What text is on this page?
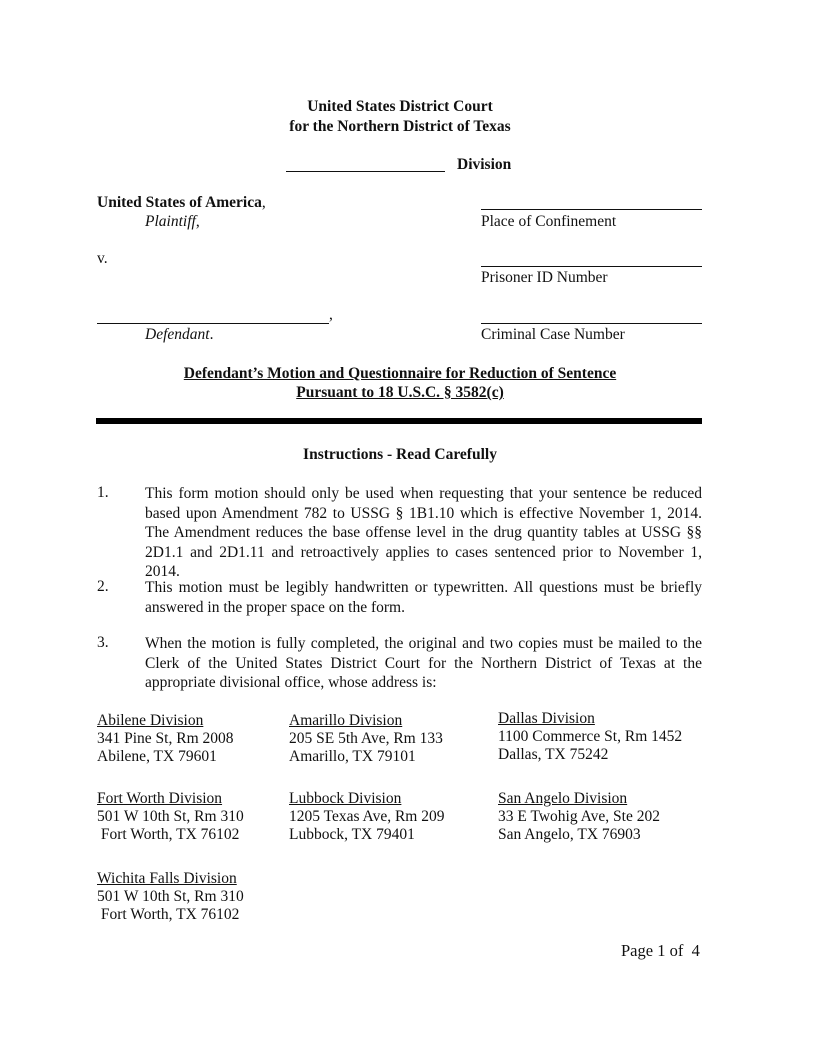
United States District Court
for the Northern District of Texas
Division
United States of America,
Plaintiff,
v.
,
Defendant.
Place of Confinement
Prisoner ID Number
Criminal Case Number
Defendant’s Motion and Questionnaire for Reduction of Sentence
Pursuant to 18 U.S.C. § 3582(c)
Instructions - Read Carefully
1. This form motion should only be used when requesting that your sentence be reduced based upon Amendment 782 to USSG § 1B1.10 which is effective November 1, 2014. The Amendment reduces the base offense level in the drug quantity tables at USSG §§ 2D1.1 and 2D1.11 and retroactively applies to cases sentenced prior to November 1, 2014.
2. This motion must be legibly handwritten or typewritten. All questions must be briefly answered in the proper space on the form.
3. When the motion is fully completed, the original and two copies must be mailed to the Clerk of the United States District Court for the Northern District of Texas at the appropriate divisional office, whose address is:
Abilene Division
341 Pine St, Rm 2008
Abilene, TX 79601
Amarillo Division
205 SE 5th Ave, Rm 133
Amarillo, TX 79101
Dallas Division
1100 Commerce St, Rm 1452
Dallas, TX 75242
Fort Worth Division
501 W 10th St, Rm 310
Fort Worth, TX 76102
Lubbock Division
1205 Texas Ave, Rm 209
Lubbock, TX 79401
San Angelo Division
33 E Twohig Ave, Ste 202
San Angelo, TX 76903
Wichita Falls Division
501 W 10th St, Rm 310
Fort Worth, TX 76102
Page 1 of  4
